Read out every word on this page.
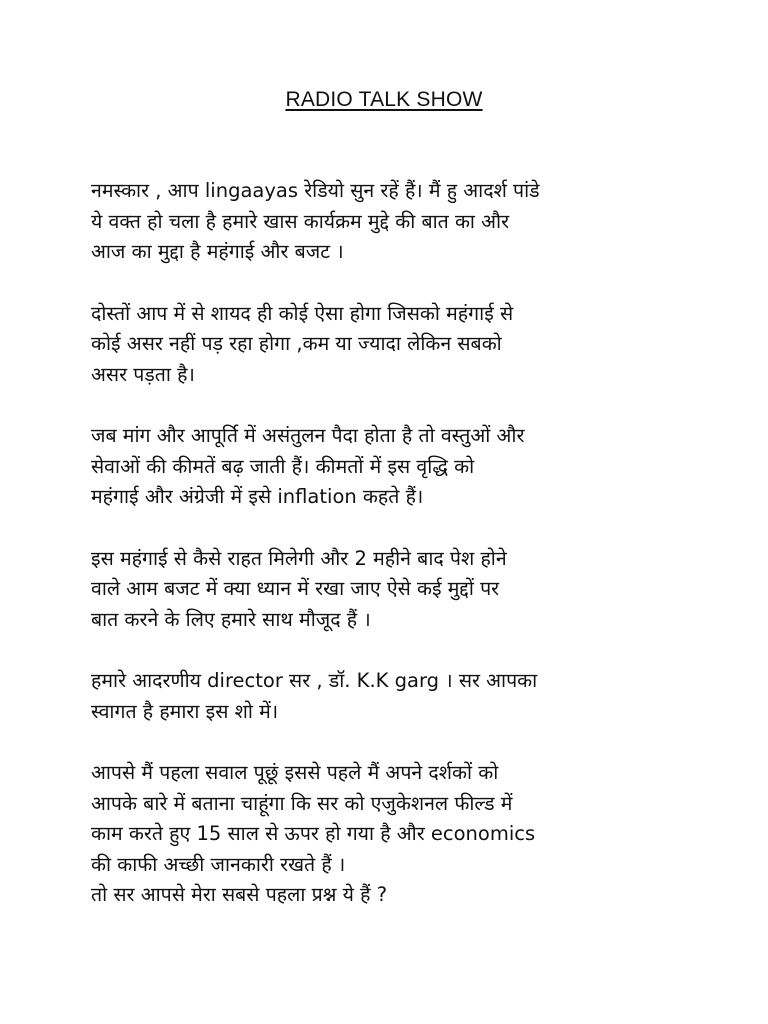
RADIO TALK SHOW

नमस्कार , आप lingaayas रेडियो सुन रहें हैं। मैं हु आदर्श पांडे
ये वक्त हो चला है हमारे खास कार्यक्रम मुद्दे की बात का और
आज का मुद्दा है महंगाई और बजट ।

दोस्तों आप में से शायद ही कोई ऐसा होगा जिसको महंगाई से
कोई असर नहीं पड़ रहा होगा ,कम या ज्यादा लेकिन सबको
असर पड़ता है।

जब मांग और आपूर्ति में असंतुलन पैदा होता है तो वस्तुओं और
सेवाओं की कीमतें बढ़ जाती हैं। कीमतों में इस वृद्धि को
महंगाई और अंग्रेजी में इसे inflation कहते हैं।

इस महंगाई से कैसे राहत मिलेगी और 2 महीने बाद पेश होने
वाले आम बजट में क्या ध्यान में रखा जाए ऐसे कई मुद्दों पर
बात करने के लिए हमारे साथ मौजूद हैं ।

हमारे आदरणीय director सर , डॉ. K.K garg । सर आपका
स्वागत है हमारा इस शो में।

आपसे मैं पहला सवाल पूछूं इससे पहले मैं अपने दर्शकों को
आपके बारे में बताना चाहूंगा कि सर को एजुकेशनल फील्ड में
काम करते हुए 15 साल से ऊपर हो गया है और economics
की काफी अच्छी जानकारी रखते हैं ।
तो सर आपसे मेरा सबसे पहला प्रश्न ये हैं ?
